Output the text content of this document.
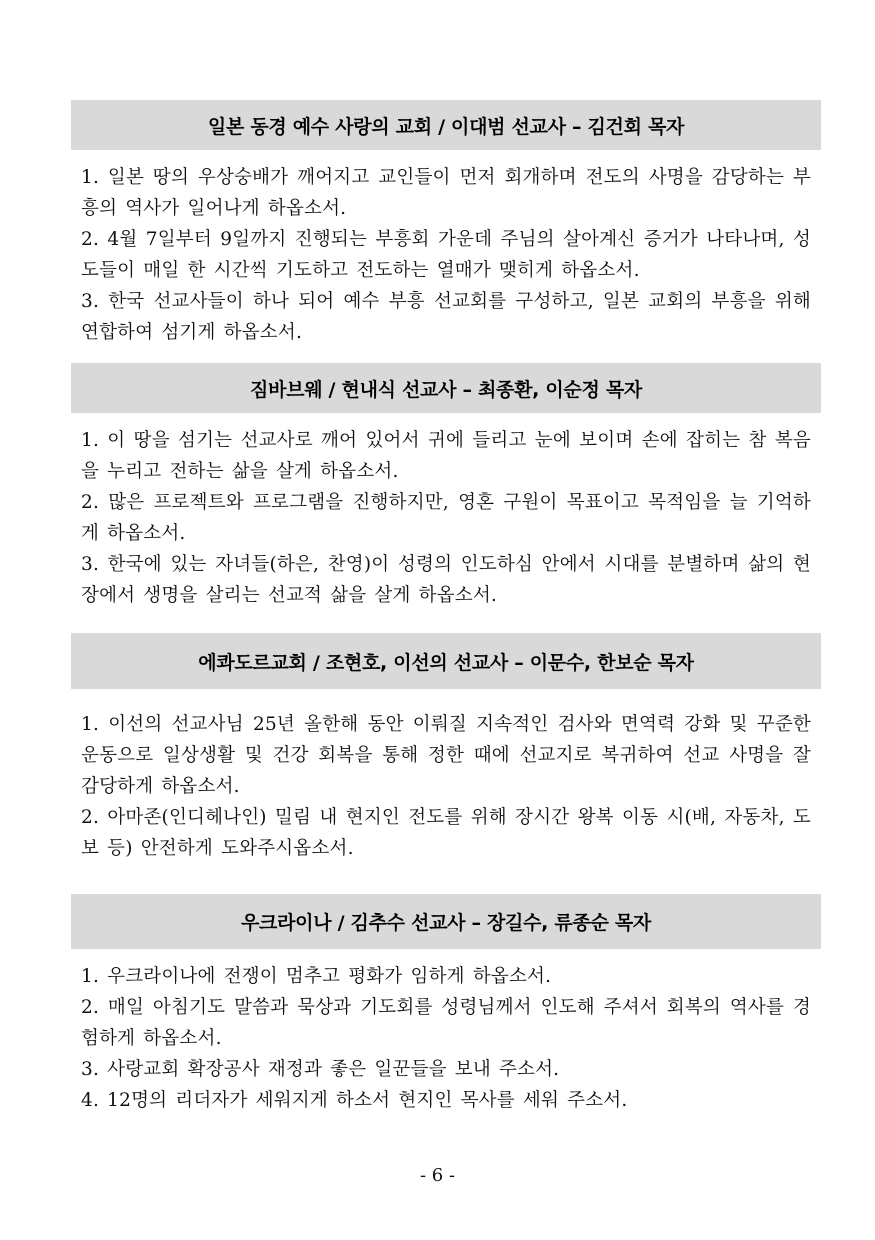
일본 동경 예수 사랑의 교회 / 이대범 선교사 – 김건회 목자
1. 일본 땅의 우상숭배가 깨어지고 교인들이 먼저 회개하며 전도의 사명을 감당하는 부흥의 역사가 일어나게 하옵소서.
2. 4월 7일부터 9일까지 진행되는 부흥회 가운데 주님의 살아계신 증거가 나타나며, 성도들이 매일 한 시간씩 기도하고 전도하는 열매가 맺히게 하옵소서.
3. 한국 선교사들이 하나 되어 예수 부흥 선교회를 구성하고, 일본 교회의 부흥을 위해 연합하여 섬기게 하옵소서.
짐바브웨 / 현내식 선교사 – 최종환, 이순정 목자
1. 이 땅을 섬기는 선교사로 깨어 있어서 귀에 들리고 눈에 보이며 손에 잡히는 참 복음을 누리고 전하는 삶을 살게 하옵소서.
2. 많은 프로젝트와 프로그램을 진행하지만, 영혼 구원이 목표이고 목적임을 늘 기억하게 하옵소서.
3. 한국에 있는 자녀들(하은, 찬영)이 성령의 인도하심 안에서 시대를 분별하며 삶의 현장에서 생명을 살리는 선교적 삶을 살게 하옵소서.
에콰도르교회 / 조현호, 이선의 선교사 – 이문수, 한보순 목자
1. 이선의 선교사님 25년 올한해 동안 이뤄질 지속적인 검사와 면역력 강화 및 꾸준한 운동으로 일상생활 및 건강 회복을 통해 정한 때에 선교지로 복귀하여 선교 사명을 잘 감당하게 하옵소서.
2. 아마존(인디헤나인) 밀림 내 현지인 전도를 위해 장시간 왕복 이동 시(배, 자동차, 도보 등) 안전하게 도와주시옵소서.
우크라이나 / 김추수 선교사 – 장길수, 류종순 목자
1. 우크라이나에 전쟁이 멈추고 평화가 임하게 하옵소서.
2. 매일 아침기도 말씀과 묵상과 기도회를 성령님께서 인도해 주셔서 회복의 역사를 경험하게 하옵소서.
3. 사랑교회 확장공사 재정과 좋은 일꾼들을 보내 주소서.
4. 12명의 리더자가 세워지게 하소서 현지인 목사를 세워 주소서.
- 6 -
